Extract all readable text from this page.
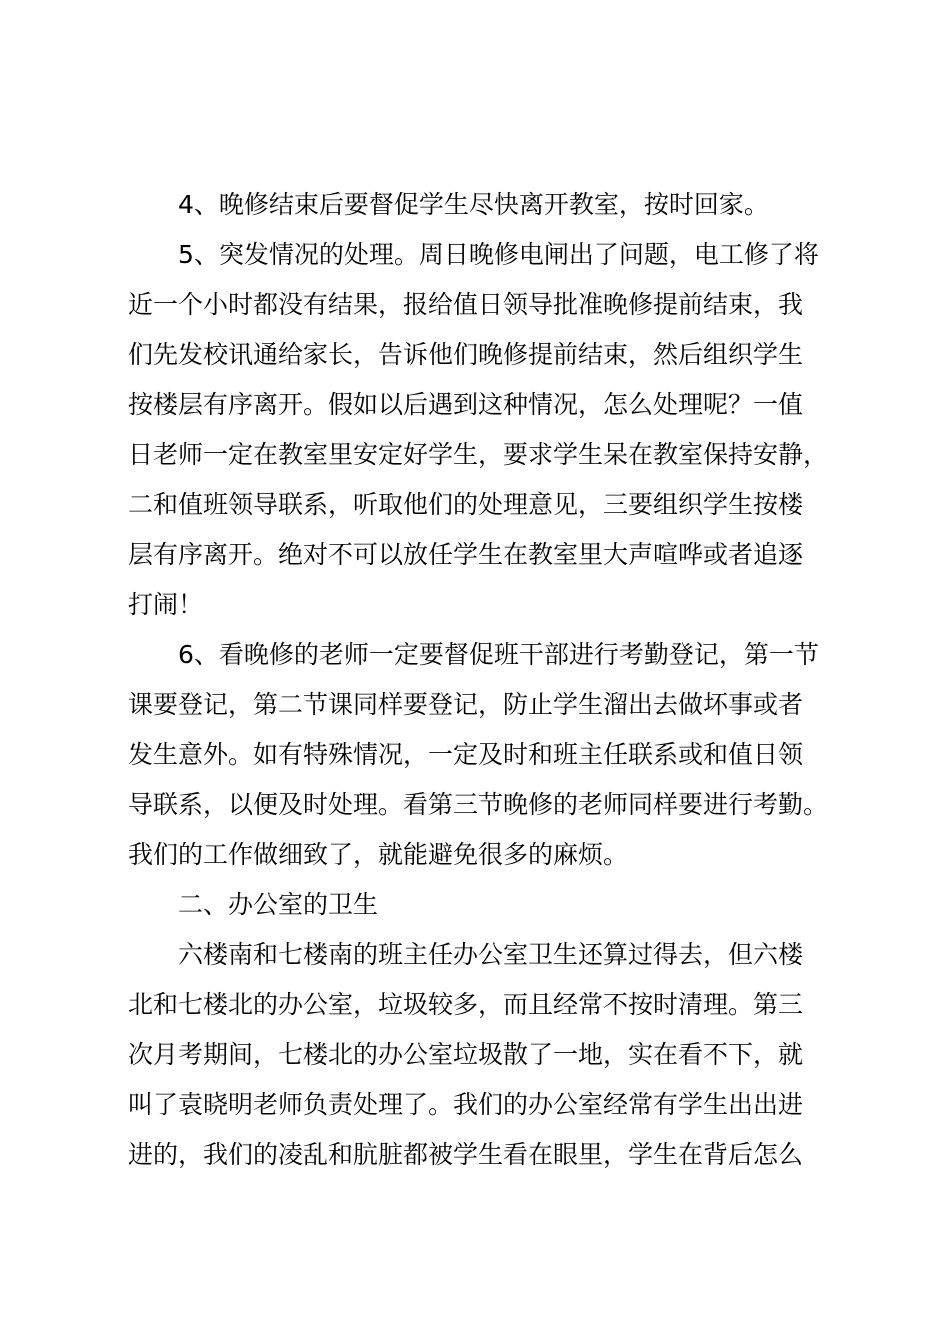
4、晚修结束后要督促学生尽快离开教室，按时回家。
5、突发情况的处理。周日晚修电闸出了问题，电工修了将
近一个小时都没有结果，报给值日领导批准晚修提前结束，我
们先发校讯通给家长，告诉他们晚修提前结束，然后组织学生
按楼层有序离开。假如以后遇到这种情况，怎么处理呢？一值
日老师一定在教室里安定好学生，要求学生呆在教室保持安静，
二和值班领导联系，听取他们的处理意见，三要组织学生按楼
层有序离开。绝对不可以放任学生在教室里大声喧哗或者追逐
打闹！
6、看晚修的老师一定要督促班干部进行考勤登记，第一节
课要登记，第二节课同样要登记，防止学生溜出去做坏事或者
发生意外。如有特殊情况，一定及时和班主任联系或和值日领
导联系，以便及时处理。看第三节晚修的老师同样要进行考勤。
我们的工作做细致了，就能避免很多的麻烦。
二、办公室的卫生
六楼南和七楼南的班主任办公室卫生还算过得去，但六楼
北和七楼北的办公室，垃圾较多，而且经常不按时清理。第三
次月考期间，七楼北的办公室垃圾散了一地，实在看不下，就
叫了袁晓明老师负责处理了。我们的办公室经常有学生出出进
进的，我们的凌乱和肮脏都被学生看在眼里，学生在背后怎么
